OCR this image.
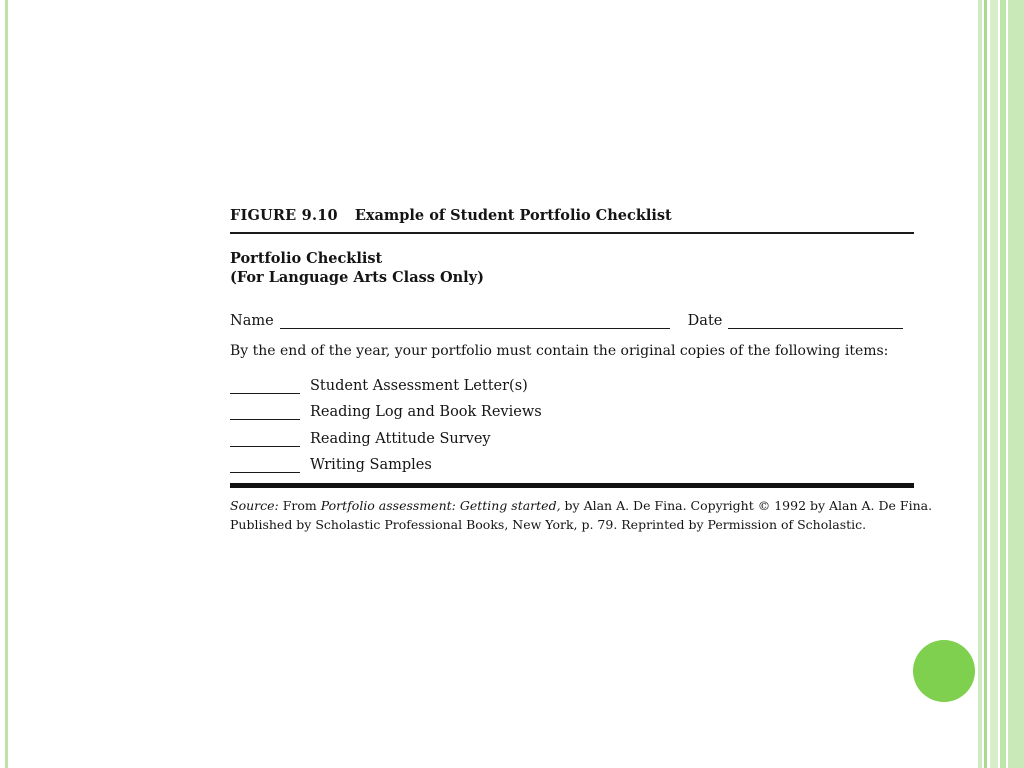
FIGURE 9.10 Example of Student Portfolio Checklist
Portfolio Checklist
(For Language Arts Class Only)
Name	Date
By the end of the year, your portfolio must contain the original copies of the following items:
Student Assessment Letter(s)
Reading Log and Book Reviews
Reading Attitude Survey
Writing Samples
Source: From Portfolio assessment: Getting started, by Alan A. De Fina. Copyright © 1992 by Alan A. De Fina.
Published by Scholastic Professional Books, New York, p. 79. Reprinted by Permission of Scholastic.
